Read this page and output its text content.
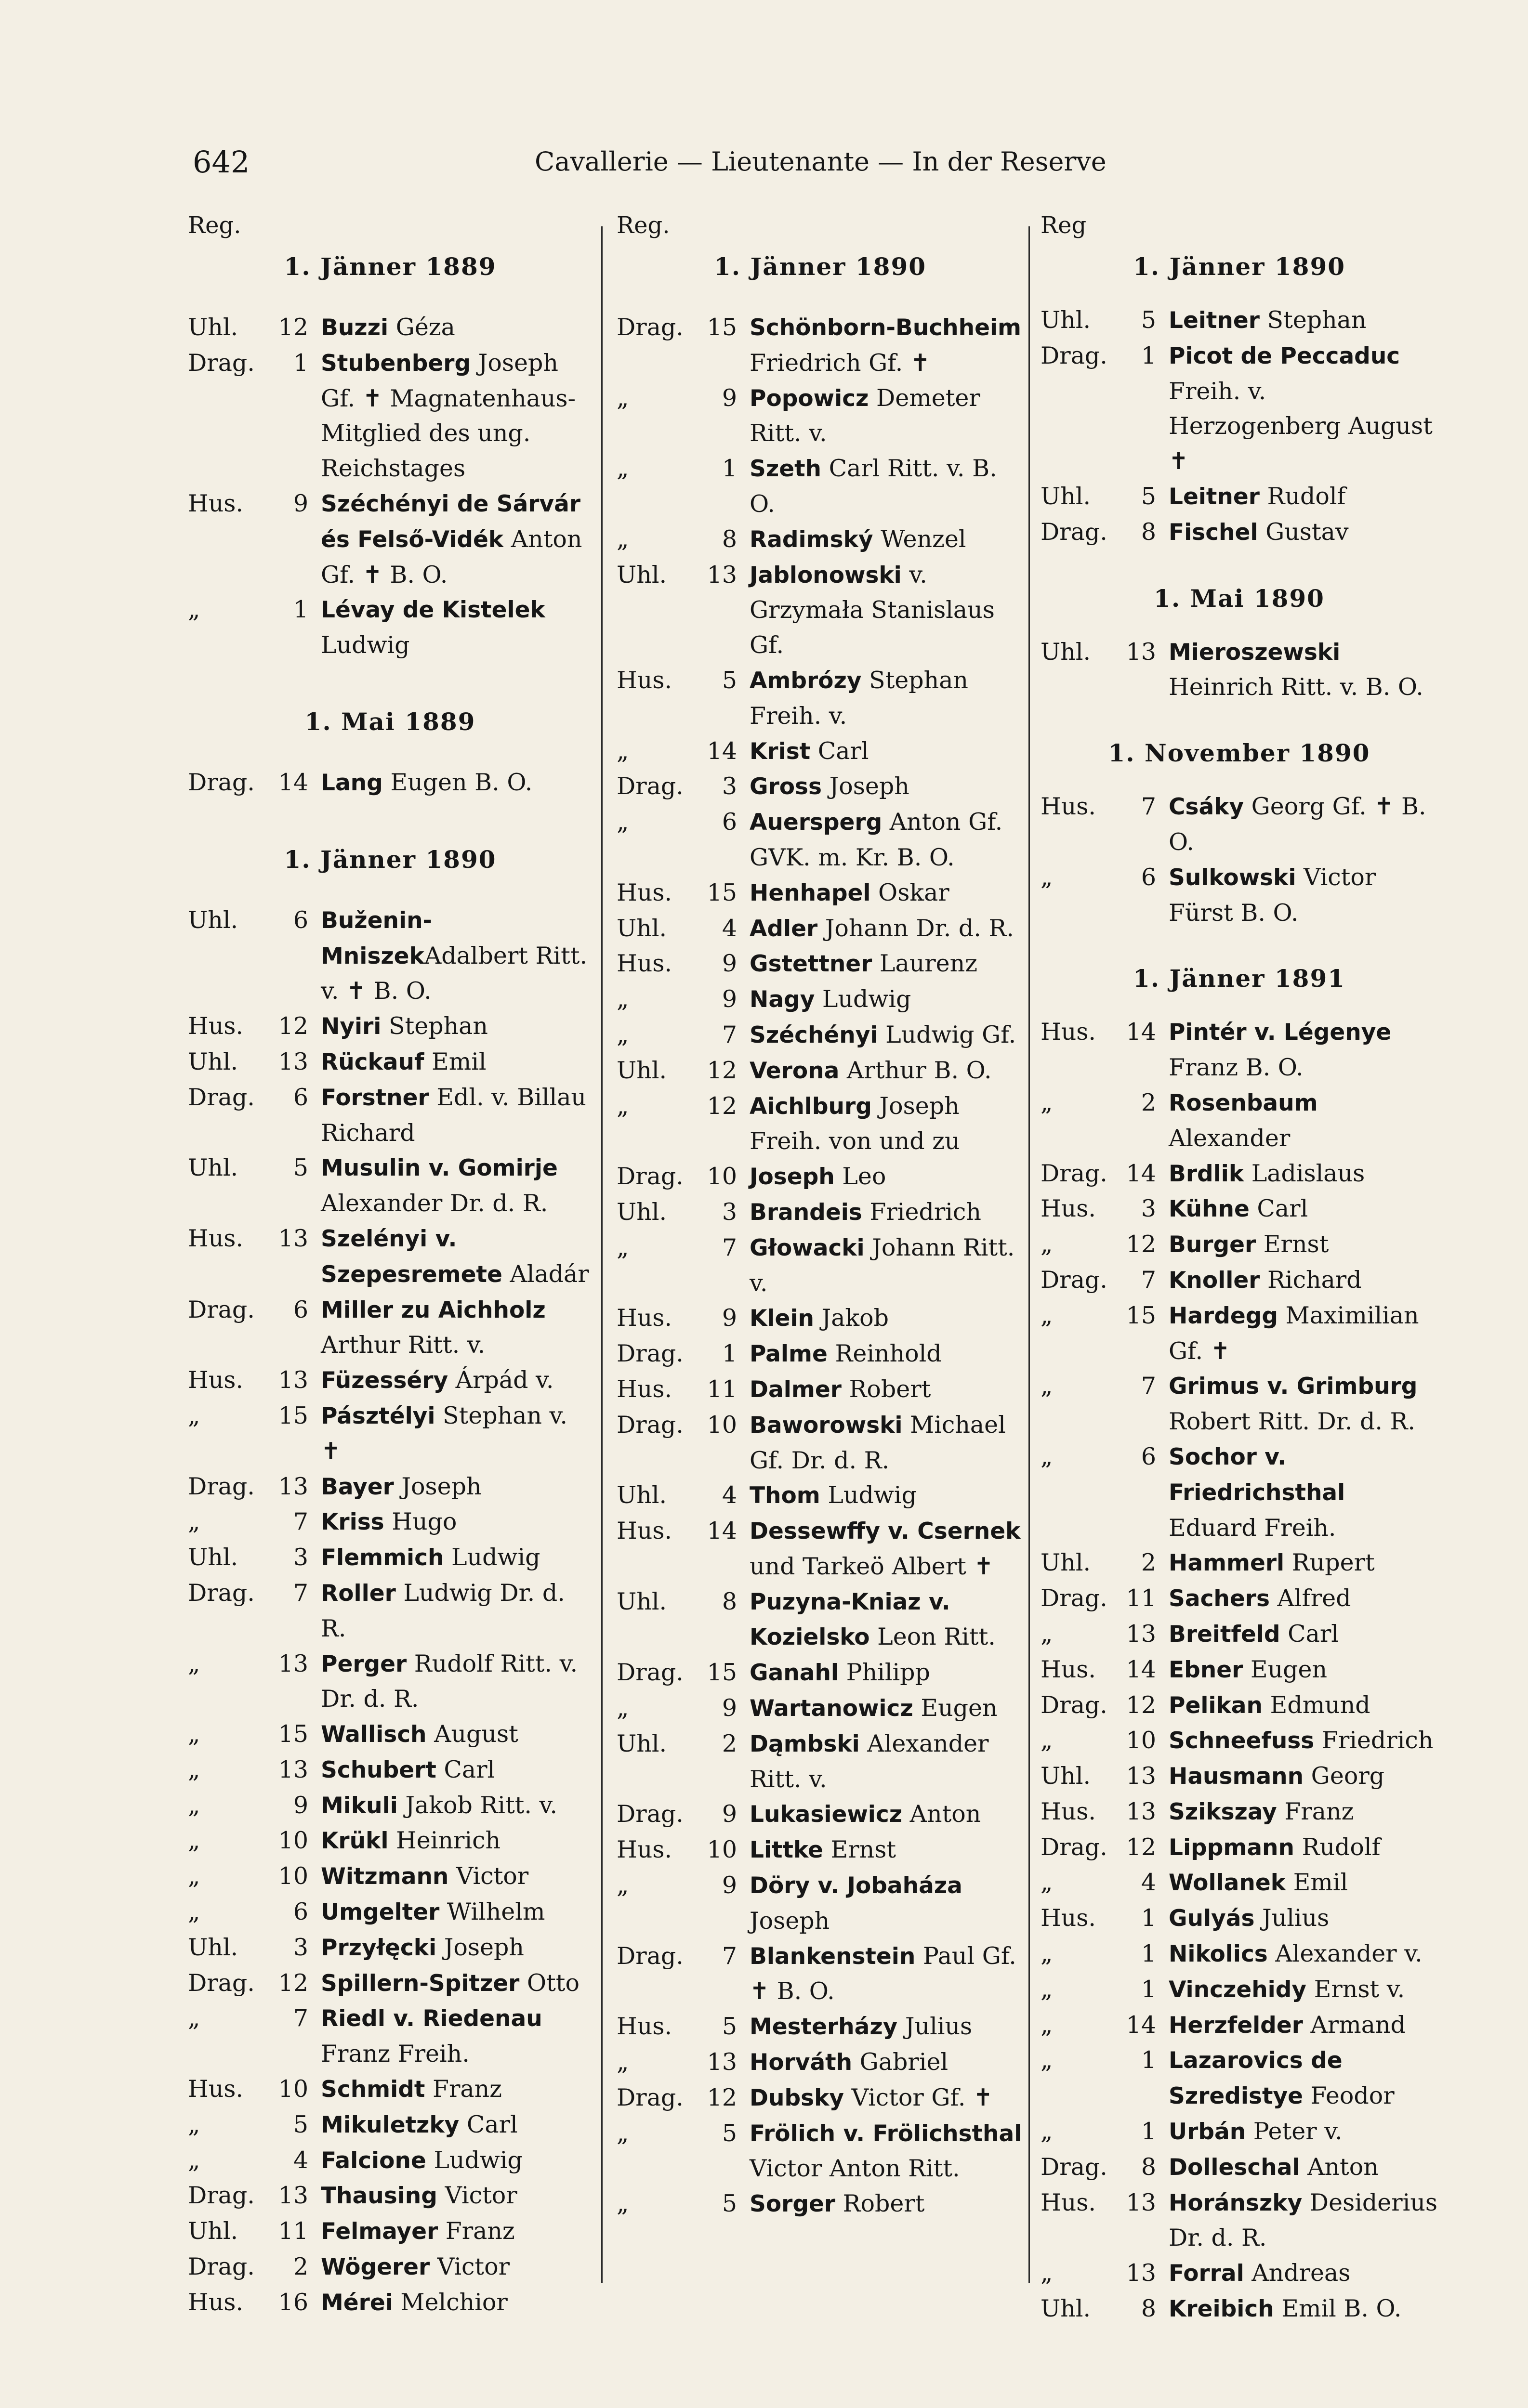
642	Cavallerie — Lieutenante — In der Reserve
Reg.
1. Jänner 1889
Uhl.	12 Buzzi Géza
Drag.	1 Stubenberg Joseph Gf. ✝ Magnatenhaus-Mitglied des ung. Reichstages
Hus.	9 Széchényi de Sárvár és Felső-Vidék Anton Gf. ✝ B. O.
„	1 Lévay de Kistelek Ludwig
1. Mai 1889
Drag. 14 Lang Eugen B. O.
1. Jänner 1890
Uhl.	6 Buženin-MniszekAdalbert Ritt. v. ✝ B. O.
Hus.	12 Nyiri Stephan
Uhl.	13 Rückauf Emil
Drag.	6 Forstner Edl. v. Billau Richard
Uhl.	5 Musulin v. Gomirje Alexander Dr. d. R.
Hus.	13 Szelényi v. Szepesremete Aladár
Drag.	6 Miller zu Aichholz Arthur Ritt. v.
Hus.	13 Füzesséry Árpád v.
„	15 Pásztélyi Stephan v. ✝
Drag. 13 Bayer Joseph
„	7 Kriss Hugo
Uhl.	3 Flemmich Ludwig
Drag.	7 Roller Ludwig Dr. d. R.
„	13 Perger Rudolf Ritt. v. Dr. d. R.
„	15 Wallisch August
„	13 Schubert Carl
„	9 Mikuli Jakob Ritt. v.
„	10 Krükl Heinrich
„	10 Witzmann Victor
„	6 Umgelter Wilhelm
Uhl.	3 Przyłęcki Joseph
Drag. 12 Spillern-Spitzer Otto
„	7 Riedl v. Riedenau Franz Freih.
Hus.	10 Schmidt Franz
„	5 Mikuletzky Carl
„	4 Falcione Ludwig
Drag. 13 Thausing Victor
Uhl.	11 Felmayer Franz
Drag.	2 Wögerer Victor
Hus.	16 Mérei Melchior
Reg.
1. Jänner 1890
Drag. 15 Schönborn-Buchheim Friedrich Gf. ✝
„	9 Popowicz Demeter Ritt. v.
„	1 Szeth Carl Ritt. v. B. O.
„	8 Radimský Wenzel
Uhl.	13 Jablonowski v. Grzymała Stanislaus Gf.
Hus.	5 Ambrózy Stephan Freih. v.
„	14 Krist Carl
Drag.	3 Gross Joseph
„	6 Auersperg Anton Gf. GVK. m. Kr. B. O.
Hus.	15 Henhapel Oskar
Uhl.	4 Adler Johann Dr. d. R.
Hus.	9 Gstettner Laurenz
„	9 Nagy Ludwig
„	7 Széchényi Ludwig Gf.
Uhl.	12 Verona Arthur B. O.
„	12 Aichlburg Joseph Freih. von und zu
Drag. 10 Joseph Leo
Uhl.	3 Brandeis Friedrich
„	7 Głowacki Johann Ritt. v.
Hus.	9 Klein Jakob
Drag.	1 Palme Reinhold
Hus.	11 Dalmer Robert
Drag. 10 Baworowski Michael Gf. Dr. d. R.
Uhl.	4 Thom Ludwig
Hus.	14 Dessewffy v. Csernek und Tarkeö Albert ✝
Uhl.	8 Puzyna-Kniaz v. Kozielsko Leon Ritt.
Drag. 15 Ganahl Philipp
„	9 Wartanowicz Eugen
Uhl.	2 Dąmbski Alexander Ritt. v.
Drag.	9 Lukasiewicz Anton
Hus.	10 Littke Ernst
„	9 Döry v. Jobaháza Joseph
Drag.	7 Blankenstein Paul Gf. ✝ B. O.
Hus.	5 Mesterházy Julius
„	13 Horváth Gabriel
Drag. 12 Dubsky Victor Gf. ✝
„	5 Frölich v. Frölichsthal Victor Anton Ritt.
„	5 Sorger Robert
Reg
1. Jänner 1890
Uhl.	5 Leitner Stephan
Drag.	1 Picot de Peccaduc Freih. v. Herzogenberg August ✝
Uhl.	5 Leitner Rudolf
Drag.	8 Fischel Gustav
1. Mai 1890
Uhl.	13 Mieroszewski Heinrich Ritt. v. B. O.
1. November 1890
Hus.	7 Csáky Georg Gf. ✝ B. O.
„	6 Sulkowski Victor Fürst B. O.
1. Jänner 1891
Hus.	14 Pintér v. Légenye Franz B. O.
„	2 Rosenbaum Alexander
Drag. 14 Brdlik Ladislaus
Hus.	3 Kühne Carl
„	12 Burger Ernst
Drag.	7 Knoller Richard
„	15 Hardegg Maximilian Gf. ✝
„	7 Grimus v. Grimburg Robert Ritt. Dr. d. R.
„	6 Sochor v. Friedrichsthal Eduard Freih.
Uhl.	2 Hammerl Rupert
Drag. 11 Sachers Alfred
„	13 Breitfeld Carl
Hus.	14 Ebner Eugen
Drag. 12 Pelikan Edmund
„	10 Schneefuss Friedrich
Uhl.	13 Hausmann Georg
Hus.	13 Szikszay Franz
Drag. 12 Lippmann Rudolf
„	4 Wollanek Emil
Hus.	1 Gulyás Julius
„	1 Nikolics Alexander v.
„	1 Vinczehidy Ernst v.
„	14 Herzfelder Armand
„	1 Lazarovics de Szredistye Feodor
„	1 Urbán Peter v.
Drag.	8 Dolleschal Anton
Hus.	13 Horánszky Desiderius Dr. d. R.
„	13 Forral Andreas
Uhl.	8 Kreibich Emil B. O.
